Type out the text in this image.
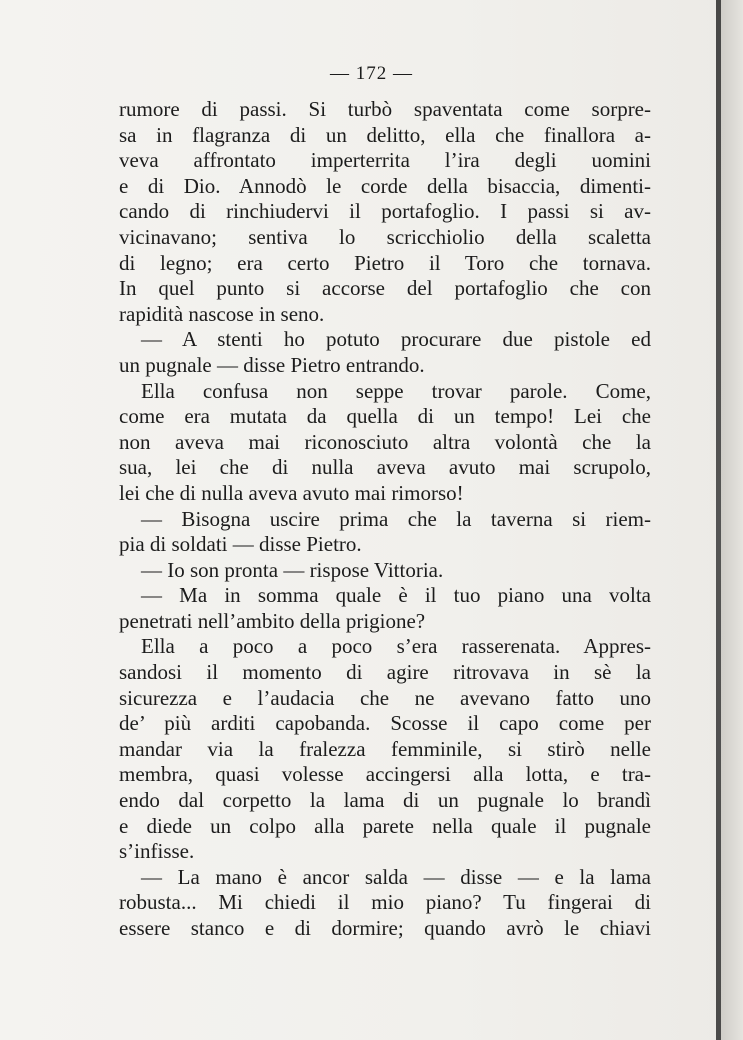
— 172 —
rumore di passi. Si turbò spaventata come sorpre-
sa in flagranza di un delitto, ella che finallora a-
veva affrontato imperterrita l’ira degli uomini
e di Dio. Annodò le corde della bisaccia, dimenti-
cando di rinchiudervi il portafoglio. I passi si av-
vicinavano; sentiva lo scricchiolio della scaletta
di legno; era certo Pietro il Toro che tornava.
In quel punto si accorse del portafoglio che con
rapidità nascose in seno.
— A stenti ho potuto procurare due pistole ed
un pugnale — disse Pietro entrando.
Ella confusa non seppe trovar parole. Come,
come era mutata da quella di un tempo! Lei che
non aveva mai riconosciuto altra volontà che la
sua, lei che di nulla aveva avuto mai scrupolo,
lei che di nulla aveva avuto mai rimorso!
— Bisogna uscire prima che la taverna si riem-
pia di soldati — disse Pietro.
— Io son pronta — rispose Vittoria.
— Ma in somma quale è il tuo piano una volta
penetrati nell’ambito della prigione?
Ella a poco a poco s’era rasserenata. Appres-
sandosi il momento di agire ritrovava in sè la
sicurezza e l’audacia che ne avevano fatto uno
de’ più arditi capobanda. Scosse il capo come per
mandar via la fralezza femminile, si stirò nelle
membra, quasi volesse accingersi alla lotta, e tra-
endo dal corpetto la lama di un pugnale lo brandì
e diede un colpo alla parete nella quale il pugnale
s’infisse.
— La mano è ancor salda — disse — e la lama
robusta... Mi chiedi il mio piano? Tu fingerai di
essere stanco e di dormire; quando avrò le chiavi
